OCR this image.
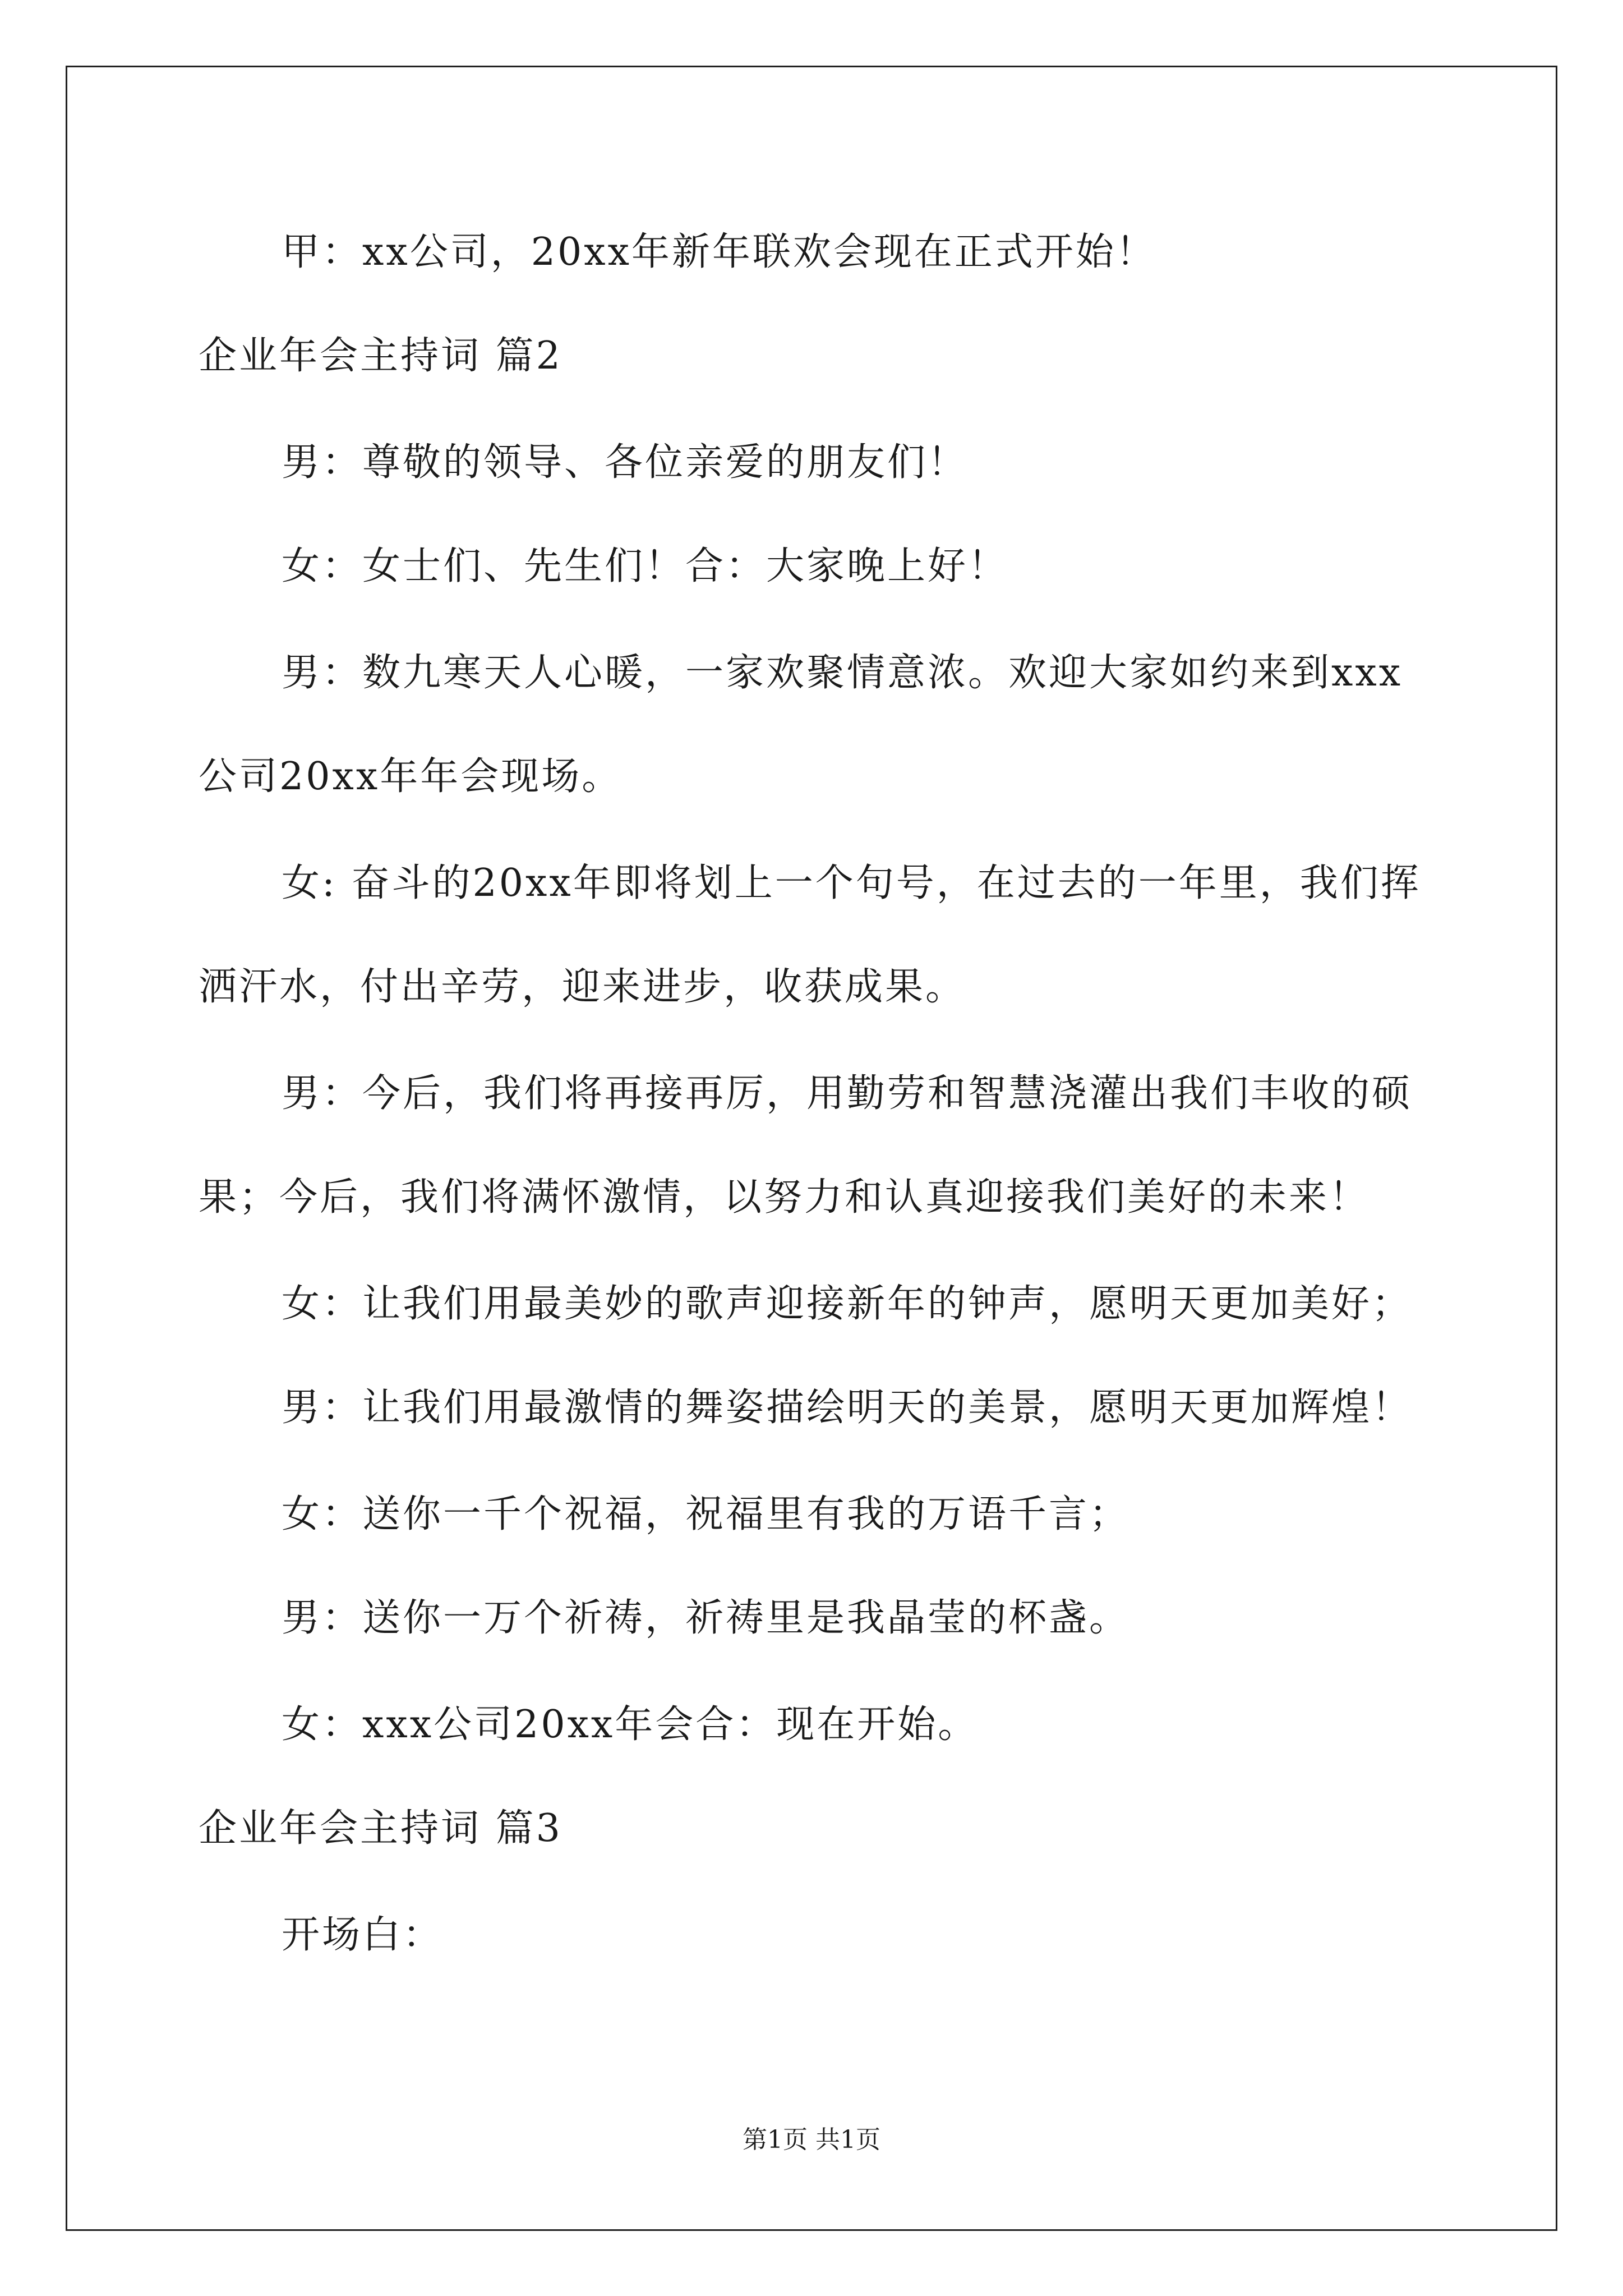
甲：xx公司，20xx年新年联欢会现在正式开始！
企业年会主持词 篇2
男：尊敬的领导、各位亲爱的朋友们！
女：女士们、先生们！合：大家晚上好！
男：数九寒天人心暖，一家欢聚情意浓。欢迎大家如约来到xxx
公司20xx年年会现场。
女: 奋斗的20xx年即将划上一个句号，在过去的一年里，我们挥
洒汗水，付出辛劳，迎来进步，收获成果。
男：今后，我们将再接再厉，用勤劳和智慧浇灌出我们丰收的硕
果；今后，我们将满怀激情，以努力和认真迎接我们美好的未来！
女：让我们用最美妙的歌声迎接新年的钟声，愿明天更加美好；
男：让我们用最激情的舞姿描绘明天的美景，愿明天更加辉煌！
女：送你一千个祝福，祝福里有我的万语千言；
男：送你一万个祈祷，祈祷里是我晶莹的杯盏。
女：xxx公司20xx年会合：现在开始。
企业年会主持词 篇3
开场白：
第1页 共1页
